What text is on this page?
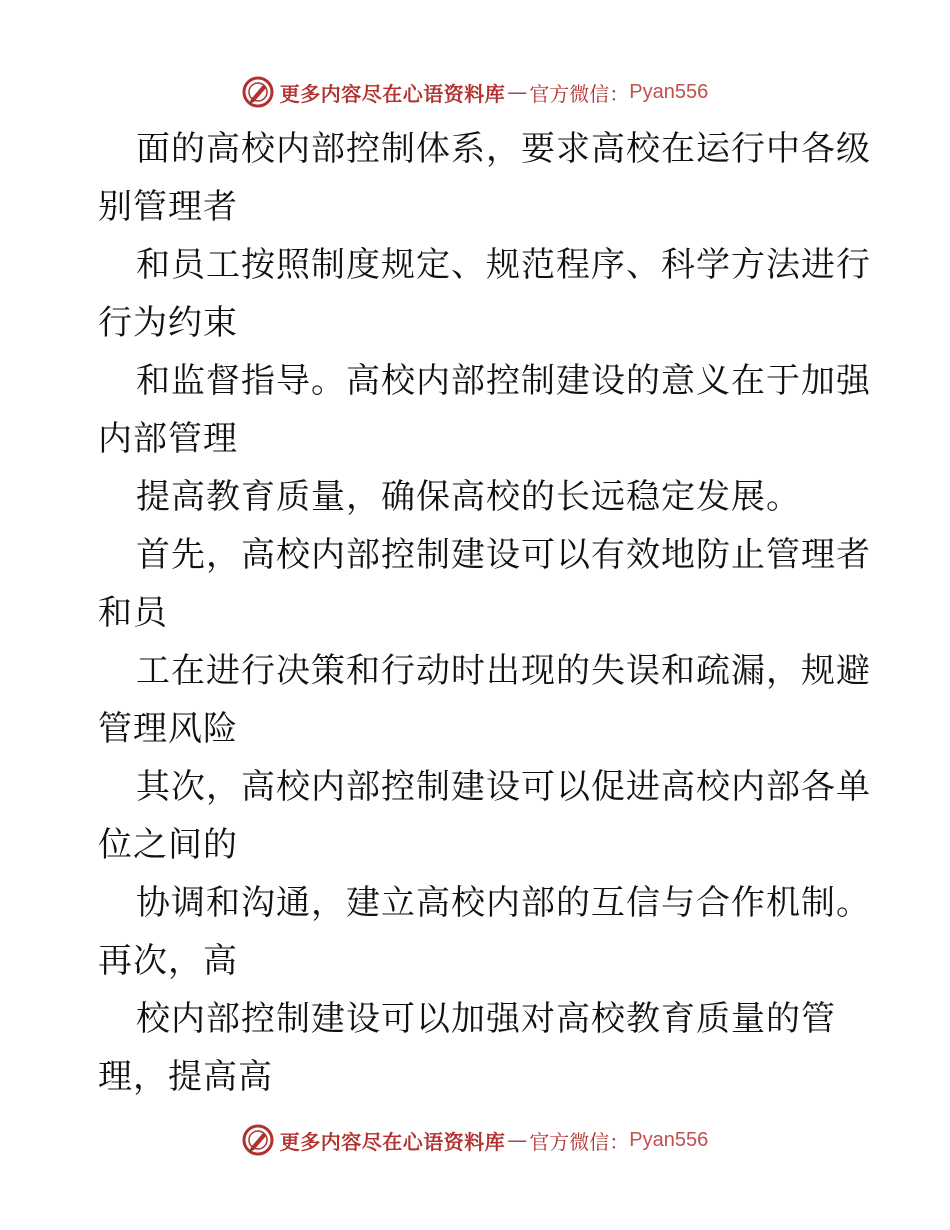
更多内容尽在心语资料库 — 官方微信： Pyan556
面的高校内部控制体系，要求高校在运行中各级
别管理者
和员工按照制度规定、规范程序、科学方法进行
行为约束
和监督指导。高校内部控制建设的意义在于加强
内部管理
提高教育质量，确保高校的长远稳定发展。
首先，高校内部控制建设可以有效地防止管理者
和员
工在进行决策和行动时出现的失误和疏漏，规避
管理风险
其次，高校内部控制建设可以促进高校内部各单
位之间的
协调和沟通，建立高校内部的互信与合作机制。
再次，高
校内部控制建设可以加强对高校教育质量的管
理，提高高
更多内容尽在心语资料库 — 官方微信： Pyan556
